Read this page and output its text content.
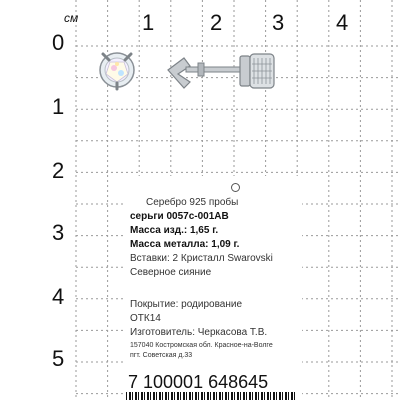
см	1	2 3 4
0
1
2
3
4
5
Серебро 925 пробы
серьги 0057с-001АВ
Масса изд.: 1,65 г.
Масса металла: 1,09 г.
Вставки: 2 Кристалл Swarovski
Северное сияние
Покрытие: родирование
ОТК14
Изготовитель: Черкасова Т.В.
157040 Костромская обл. Красное-на-Волге
пгт. Советская д.33
7 100001 648645
